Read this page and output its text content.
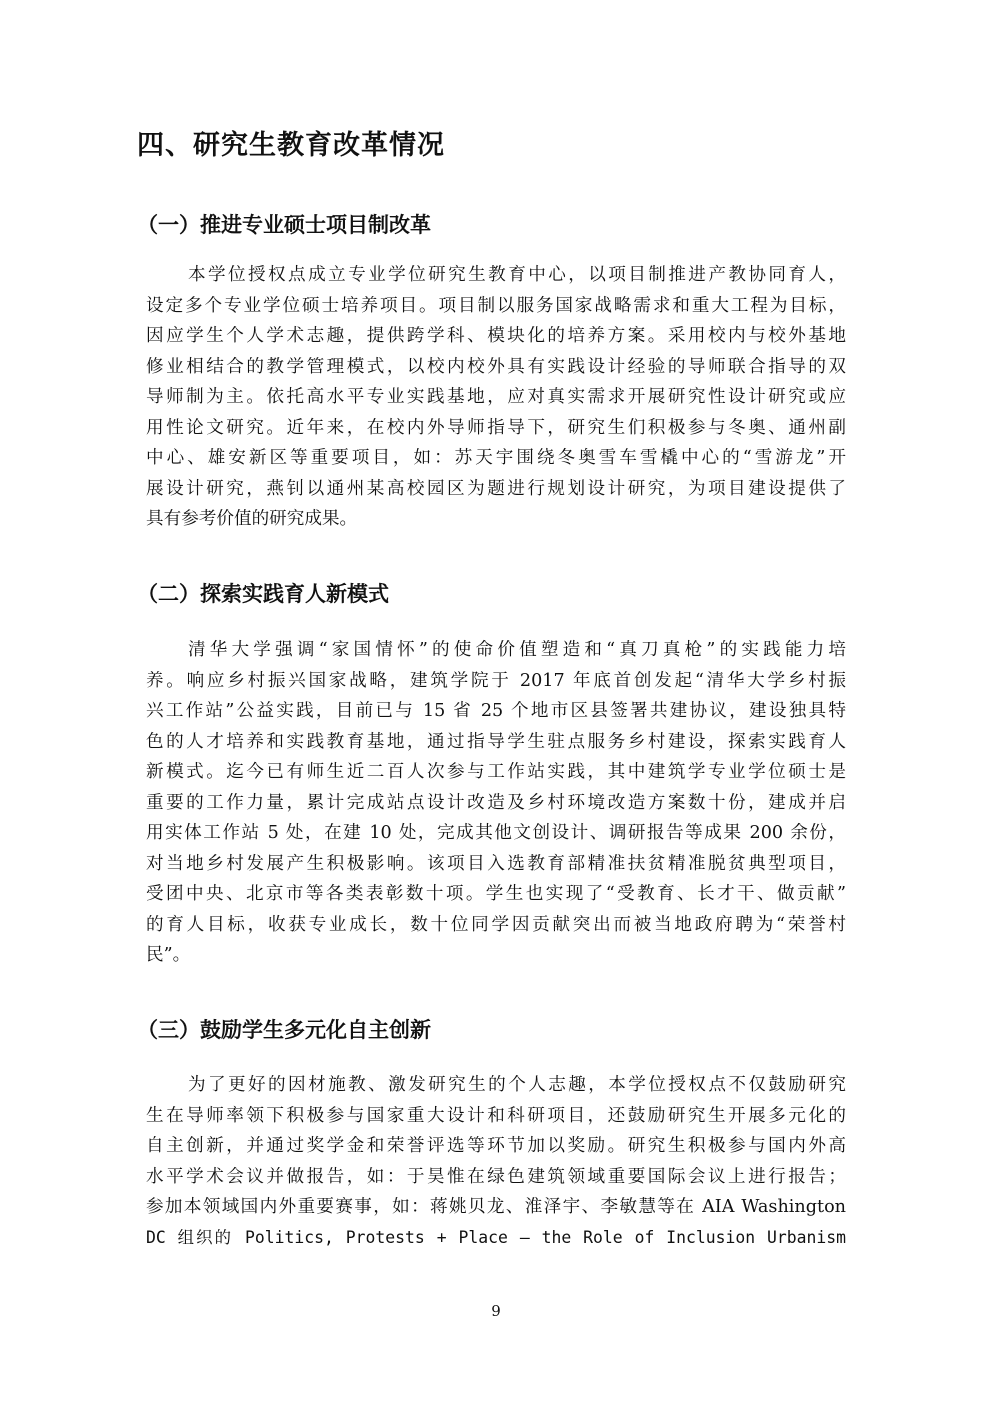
四、研究生教育改革情况
（一）推进专业硕士项目制改革

本学位授权点成立专业学位研究生教育中心，以项目制推进产教协同育人，
设定多个专业学位硕士培养项目。项目制以服务国家战略需求和重大工程为目标，
因应学生个人学术志趣，提供跨学科、模块化的培养方案。采用校内与校外基地
修业相结合的教学管理模式，以校内校外具有实践设计经验的导师联合指导的双
导师制为主。依托高水平专业实践基地，应对真实需求开展研究性设计研究或应
用性论文研究。近年来，在校内外导师指导下，研究生们积极参与冬奥、通州副
中心、雄安新区等重要项目，如：苏天宇围绕冬奥雪车雪橇中心的“雪游龙”开
展设计研究，燕钊以通州某高校园区为题进行规划设计研究，为项目建设提供了
具有参考价值的研究成果。

（二）探索实践育人新模式

清华大学强调“家国情怀”的使命价值塑造和“真刀真枪”的实践能力培
养。响应乡村振兴国家战略，建筑学院于 2017 年底首创发起“清华大学乡村振
兴工作站”公益实践，目前已与 15 省 25 个地市区县签署共建协议，建设独具特
色的人才培养和实践教育基地，通过指导学生驻点服务乡村建设，探索实践育人
新模式。迄今已有师生近二百人次参与工作站实践，其中建筑学专业学位硕士是
重要的工作力量，累计完成站点设计改造及乡村环境改造方案数十份，建成并启
用实体工作站 5 处，在建 10 处，完成其他文创设计、调研报告等成果 200 余份，
对当地乡村发展产生积极影响。该项目入选教育部精准扶贫精准脱贫典型项目，
受团中央、北京市等各类表彰数十项。学生也实现了“受教育、长才干、做贡献”
的育人目标，收获专业成长，数十位同学因贡献突出而被当地政府聘为“荣誉村
民”。

（三）鼓励学生多元化自主创新

为了更好的因材施教、激发研究生的个人志趣，本学位授权点不仅鼓励研究
生在导师率领下积极参与国家重大设计和科研项目，还鼓励研究生开展多元化的
自主创新，并通过奖学金和荣誉评选等环节加以奖励。研究生积极参与国内外高
水平学术会议并做报告，如：于昊惟在绿色建筑领域重要国际会议上进行报告；
参加本领域国内外重要赛事，如：蒋姚贝龙、淮泽宇、李敏慧等在 AIA Washington
DC 组织的 Politics, Protests + Place – the Role of Inclusion Urbanism

9
